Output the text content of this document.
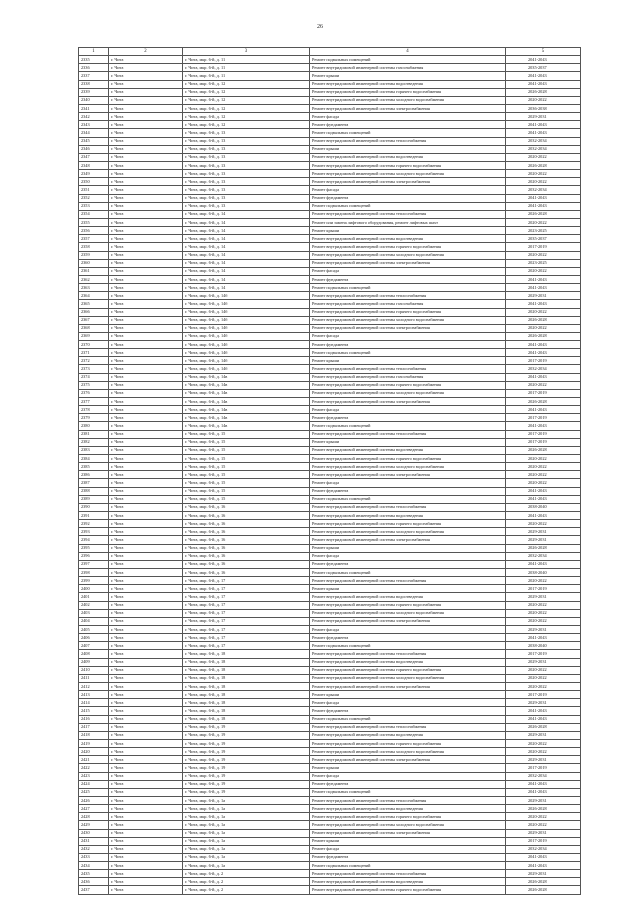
26
1	2	3	4	5
2335	г. Чита	г. Чита, мкр. 6-й, д. 11	Ремонт подвальных помещений	2041-2043
2336	г. Чита	г. Чита, мкр. 6-й, д. 11	Ремонт внутридомовой инженерной системы газоснабжения	2035-2037
2337	г. Чита	г. Чита, мкр. 6-й, д. 11	Ремонт крыши	2041-2043
2338	г. Чита	г. Чита, мкр. 6-й, д. 12	Ремонт внутридомовой инженерной системы водоотведения	2041-2043
2339	г. Чита	г. Чита, мкр. 6-й, д. 12	Ремонт внутридомовой инженерной системы горячего водоснабжения	2026-2028
2340	г. Чита	г. Чита, мкр. 6-й, д. 12	Ремонт внутридомовой инженерной системы холодного водоснабжения	2020-2022
2341	г. Чита	г. Чита, мкр. 6-й, д. 12	Ремонт внутридомовой инженерной системы электроснабжения	2036-2038
2342	г. Чита	г. Чита, мкр. 6-й, д. 12	Ремонт фасада	2029-2031
2343	г. Чита	г. Чита, мкр. 6-й, д. 12	Ремонт фундамента	2041-2043
2344	г. Чита	г. Чита, мкр. 6-й, д. 13	Ремонт подвальных помещений	2041-2043
2345	г. Чита	г. Чита, мкр. 6-й, д. 13	Ремонт внутридомовой инженерной системы теплоснабжения	2032-2034
2346	г. Чита	г. Чита, мкр. 6-й, д. 13	Ремонт крыши	2032-2034
2347	г. Чита	г. Чита, мкр. 6-й, д. 13	Ремонт внутридомовой инженерной системы водоотведения	2020-2022
2348	г. Чита	г. Чита, мкр. 6-й, д. 13	Ремонт внутридомовой инженерной системы горячего водоснабжения	2026-2028
2349	г. Чита	г. Чита, мкр. 6-й, д. 13	Ремонт внутридомовой инженерной системы холодного водоснабжения	2020-2022
2350	г. Чита	г. Чита, мкр. 6-й, д. 13	Ремонт внутридомовой инженерной системы электроснабжения	2020-2022
2351	г. Чита	г. Чита, мкр. 6-й, д. 13	Ремонт фасада	2032-2034
2352	г. Чита	г. Чита, мкр. 6-й, д. 13	Ремонт фундамента	2041-2043
2353	г. Чита	г. Чита, мкр. 6-й, д. 13	Ремонт подвальных помещений	2041-2043
2354	г. Чита	г. Чита, мкр. 6-й, д. 14	Ремонт внутридомовой инженерной системы теплоснабжения	2026-2028
2355	г. Чита	г. Чита, мкр. 6-й, д. 14	Ремонт или замена лифтового оборудования, ремонт лифтовых шахт	2020-2022
2356	г. Чита	г. Чита, мкр. 6-й, д. 14	Ремонт крыши	2023-2025
2357	г. Чита	г. Чита, мкр. 6-й, д. 14	Ремонт внутридомовой инженерной системы водоотведения	2035-2037
2358	г. Чита	г. Чита, мкр. 6-й, д. 14	Ремонт внутридомовой инженерной системы горячего водоснабжения	2017-2019
2359	г. Чита	г. Чита, мкр. 6-й, д. 14	Ремонт внутридомовой инженерной системы холодного водоснабжения	2020-2022
2360	г. Чита	г. Чита, мкр. 6-й, д. 14	Ремонт внутридомовой инженерной системы электроснабжения	2023-2025
2361	г. Чита	г. Чита, мкр. 6-й, д. 14	Ремонт фасада	2020-2022
2362	г. Чита	г. Чита, мкр. 6-й, д. 14	Ремонт фундамента	2041-2043
2363	г. Чита	г. Чита, мкр. 6-й, д. 14	Ремонт подвальных помещений	2041-2043
2364	г. Чита	г. Чита, мкр. 6-й, д. 14б	Ремонт внутридомовой инженерной системы теплоснабжения	2029-2031
2365	г. Чита	г. Чита, мкр. 6-й, д. 14б	Ремонт внутридомовой инженерной системы газоснабжения	2041-2043
2366	г. Чита	г. Чита, мкр. 6-й, д. 14б	Ремонт внутридомовой инженерной системы горячего водоснабжения	2020-2022
2367	г. Чита	г. Чита, мкр. 6-й, д. 14б	Ремонт внутридомовой инженерной системы холодного водоснабжения	2026-2028
2368	г. Чита	г. Чита, мкр. 6-й, д. 14б	Ремонт внутридомовой инженерной системы электроснабжения	2020-2022
2369	г. Чита	г. Чита, мкр. 6-й, д. 14б	Ремонт фасада	2026-2028
2370	г. Чита	г. Чита, мкр. 6-й, д. 14б	Ремонт фундамента	2041-2043
2371	г. Чита	г. Чита, мкр. 6-й, д. 14б	Ремонт подвальных помещений	2041-2043
2372	г. Чита	г. Чита, мкр. 6-й, д. 14б	Ремонт крыши	2017-2019
2373	г. Чита	г. Чита, мкр. 6-й, д. 14б	Ремонт внутридомовой инженерной системы теплоснабжения	2032-2034
2374	г. Чита	г. Чита, мкр. 6-й, д. 14в	Ремонт внутридомовой инженерной системы газоснабжения	2041-2043
2375	г. Чита	г. Чита, мкр. 6-й, д. 14в	Ремонт внутридомовой инженерной системы горячего водоснабжения	2020-2022
2376	г. Чита	г. Чита, мкр. 6-й, д. 14в	Ремонт внутридомовой инженерной системы холодного водоснабжения	2017-2019
2377	г. Чита	г. Чита, мкр. 6-й, д. 14в	Ремонт внутридомовой инженерной системы электроснабжения	2026-2028
2378	г. Чита	г. Чита, мкр. 6-й, д. 14в	Ремонт фасада	2041-2043
2379	г. Чита	г. Чита, мкр. 6-й, д. 14в	Ремонт фундамента	2017-2019
2380	г. Чита	г. Чита, мкр. 6-й, д. 14в	Ремонт подвальных помещений	2041-2043
2381	г. Чита	г. Чита, мкр. 6-й, д. 15	Ремонт внутридомовой инженерной системы теплоснабжения	2017-2019
2382	г. Чита	г. Чита, мкр. 6-й, д. 15	Ремонт крыши	2017-2019
2383	г. Чита	г. Чита, мкр. 6-й, д. 15	Ремонт внутридомовой инженерной системы водоотведения	2026-2028
2384	г. Чита	г. Чита, мкр. 6-й, д. 15	Ремонт внутридомовой инженерной системы горячего водоснабжения	2020-2022
2385	г. Чита	г. Чита, мкр. 6-й, д. 15	Ремонт внутридомовой инженерной системы холодного водоснабжения	2020-2022
2386	г. Чита	г. Чита, мкр. 6-й, д. 15	Ремонт внутридомовой инженерной системы электроснабжения	2020-2022
2387	г. Чита	г. Чита, мкр. 6-й, д. 15	Ремонт фасада	2020-2022
2388	г. Чита	г. Чита, мкр. 6-й, д. 15	Ремонт фундамента	2041-2043
2389	г. Чита	г. Чита, мкр. 6-й, д. 15	Ремонт подвальных помещений	2041-2043
2390	г. Чита	г. Чита, мкр. 6-й, д. 16	Ремонт внутридомовой инженерной системы теплоснабжения	2038-2040
2391	г. Чита	г. Чита, мкр. 6-й, д. 16	Ремонт внутридомовой инженерной системы водоотведения	2041-2043
2392	г. Чита	г. Чита, мкр. 6-й, д. 16	Ремонт внутридомовой инженерной системы горячего водоснабжения	2020-2022
2393	г. Чита	г. Чита, мкр. 6-й, д. 16	Ремонт внутридомовой инженерной системы холодного водоснабжения	2029-2031
2394	г. Чита	г. Чита, мкр. 6-й, д. 16	Ремонт внутридомовой инженерной системы электроснабжения	2029-2031
2395	г. Чита	г. Чита, мкр. 6-й, д. 16	Ремонт крыши	2026-2028
2396	г. Чита	г. Чита, мкр. 6-й, д. 16	Ремонт фасада	2032-2034
2397	г. Чита	г. Чита, мкр. 6-й, д. 16	Ремонт фундамента	2041-2043
2398	г. Чита	г. Чита, мкр. 6-й, д. 16	Ремонт подвальных помещений	2038-2040
2399	г. Чита	г. Чита, мкр. 6-й, д. 17	Ремонт внутридомовой инженерной системы теплоснабжения	2020-2022
2400	г. Чита	г. Чита, мкр. 6-й, д. 17	Ремонт крыши	2017-2019
2401	г. Чита	г. Чита, мкр. 6-й, д. 17	Ремонт внутридомовой инженерной системы водоотведения	2029-2031
2402	г. Чита	г. Чита, мкр. 6-й, д. 17	Ремонт внутридомовой инженерной системы горячего водоснабжения	2020-2022
2403	г. Чита	г. Чита, мкр. 6-й, д. 17	Ремонт внутридомовой инженерной системы холодного водоснабжения	2020-2022
2404	г. Чита	г. Чита, мкр. 6-й, д. 17	Ремонт внутридомовой инженерной системы электроснабжения	2020-2022
2405	г. Чита	г. Чита, мкр. 6-й, д. 17	Ремонт фасада	2029-2031
2406	г. Чита	г. Чита, мкр. 6-й, д. 17	Ремонт фундамента	2041-2043
2407	г. Чита	г. Чита, мкр. 6-й, д. 17	Ремонт подвальных помещений	2038-2040
2408	г. Чита	г. Чита, мкр. 6-й, д. 18	Ремонт внутридомовой инженерной системы теплоснабжения	2017-2019
2409	г. Чита	г. Чита, мкр. 6-й, д. 18	Ремонт внутридомовой инженерной системы водоотведения	2029-2031
2410	г. Чита	г. Чита, мкр. 6-й, д. 18	Ремонт внутридомовой инженерной системы горячего водоснабжения	2020-2022
2411	г. Чита	г. Чита, мкр. 6-й, д. 18	Ремонт внутридомовой инженерной системы холодного водоснабжения	2020-2022
2412	г. Чита	г. Чита, мкр. 6-й, д. 18	Ремонт внутридомовой инженерной системы электроснабжения	2020-2022
2413	г. Чита	г. Чита, мкр. 6-й, д. 18	Ремонт крыши	2017-2019
2414	г. Чита	г. Чита, мкр. 6-й, д. 18	Ремонт фасада	2029-2031
2415	г. Чита	г. Чита, мкр. 6-й, д. 18	Ремонт фундамента	2041-2043
2416	г. Чита	г. Чита, мкр. 6-й, д. 18	Ремонт подвальных помещений	2041-2043
2417	г. Чита	г. Чита, мкр. 6-й, д. 19	Ремонт внутридомовой инженерной системы теплоснабжения	2026-2028
2418	г. Чита	г. Чита, мкр. 6-й, д. 19	Ремонт внутридомовой инженерной системы водоотведения	2029-2031
2419	г. Чита	г. Чита, мкр. 6-й, д. 19	Ремонт внутридомовой инженерной системы горячего водоснабжения	2020-2022
2420	г. Чита	г. Чита, мкр. 6-й, д. 19	Ремонт внутридомовой инженерной системы холодного водоснабжения	2020-2022
2421	г. Чита	г. Чита, мкр. 6-й, д. 19	Ремонт внутридомовой инженерной системы электроснабжения	2029-2031
2422	г. Чита	г. Чита, мкр. 6-й, д. 19	Ремонт крыши	2017-2019
2423	г. Чита	г. Чита, мкр. 6-й, д. 19	Ремонт фасада	2032-2034
2424	г. Чита	г. Чита, мкр. 6-й, д. 19	Ремонт фундамента	2041-2043
2425	г. Чита	г. Чита, мкр. 6-й, д. 19	Ремонт подвальных помещений	2041-2043
2426	г. Чита	г. Чита, мкр. 6-й, д. 1а	Ремонт внутридомовой инженерной системы теплоснабжения	2029-2031
2427	г. Чита	г. Чита, мкр. 6-й, д. 1а	Ремонт внутридомовой инженерной системы водоотведения	2026-2028
2428	г. Чита	г. Чита, мкр. 6-й, д. 1а	Ремонт внутридомовой инженерной системы горячего водоснабжения	2020-2022
2429	г. Чита	г. Чита, мкр. 6-й, д. 1а	Ремонт внутридомовой инженерной системы холодного водоснабжения	2020-2022
2430	г. Чита	г. Чита, мкр. 6-й, д. 1а	Ремонт внутридомовой инженерной системы электроснабжения	2029-2031
2431	г. Чита	г. Чита, мкр. 6-й, д. 1а	Ремонт крыши	2017-2019
2432	г. Чита	г. Чита, мкр. 6-й, д. 1а	Ремонт фасада	2032-2034
2433	г. Чита	г. Чита, мкр. 6-й, д. 1а	Ремонт фундамента	2041-2043
2434	г. Чита	г. Чита, мкр. 6-й, д. 1а	Ремонт подвальных помещений	2041-2043
2435	г. Чита	г. Чита, мкр. 6-й, д. 2	Ремонт внутридомовой инженерной системы теплоснабжения	2029-2031
2436	г. Чита	г. Чита, мкр. 6-й, д. 2	Ремонт внутридомовой инженерной системы водоотведения	2026-2028
2437	г. Чита	г. Чита, мкр. 6-й, д. 2	Ремонт внутридомовой инженерной системы горячего водоснабжения	2026-2028
